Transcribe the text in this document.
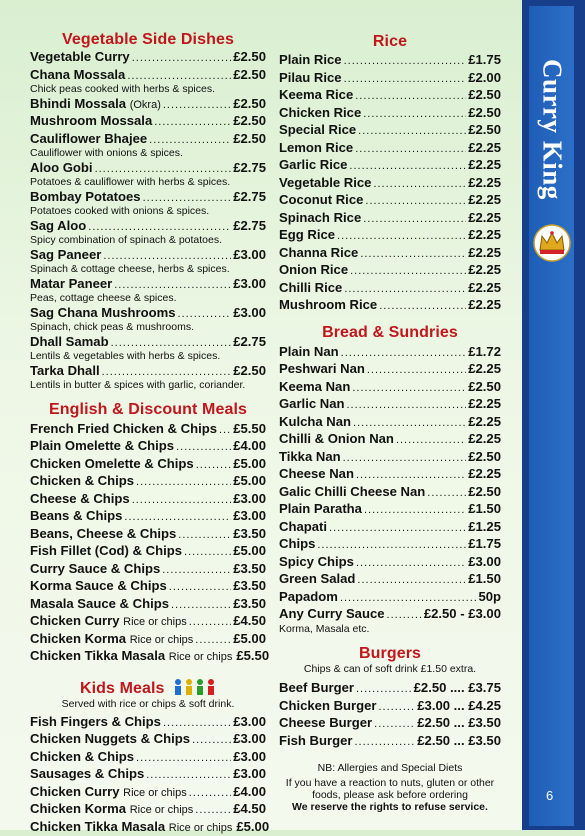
Vegetable Side Dishes
Vegetable Curry .....	£2.50
Chana Mossala .....	£2.50
Chick peas cooked with herbs & spices.
Bhindi Mossala (Okra) .....	£2.50
Mushroom Mossala .....	£2.50
Cauliflower Bhajee .....	£2.50
Cauliflower with onions & spices.
Aloo Gobi .....	£2.75
Potatoes & cauliflower with herbs & spices.
Bombay Potatoes .....	£2.75
Potatoes cooked with onions & spices.
Sag Aloo .....	£2.75
Spicy combination of spinach & potatoes.
Sag Paneer .....	£3.00
Spinach & cottage cheese, herbs & spices.
Matar Paneer .....	£3.00
Peas, cottage cheese & spices.
Sag Chana Mushrooms .....	£3.00
Spinach, chick peas & mushrooms.
Dhall Samab .....	£2.75
Lentils & vegetables with herbs & spices.
Tarka Dhall .....	£2.50
Lentils in butter & spices with garlic, coriander.
English & Discount Meals
French Fried Chicken & Chips ..... £5.50
Plain Omelette & Chips .....	£4.00
Chicken Omelette & Chips .....	£5.00
Chicken & Chips .....	£5.00
Cheese & Chips .....	£3.00
Beans & Chips .....	£3.00
Beans, Cheese & Chips .....	£3.50
Fish Fillet (Cod) & Chips .....	£5.00
Curry Sauce & Chips .....	£3.50
Korma Sauce & Chips .....	£3.50
Masala Sauce & Chips .....	£3.50
Chicken Curry Rice or chips .....	£4.50
Chicken Korma Rice or chips .....	£5.00
Chicken Tikka Masala Rice or chips £5.50
Kids Meals
Served with rice or chips & soft drink.
Fish Fingers & Chips .....	£3.00
Chicken Nuggets & Chips .....	£3.00
Chicken & Chips .....	£3.00
Sausages & Chips .....	£3.00
Chicken Curry Rice or chips .....	£4.00
Chicken Korma Rice or chips .....	£4.50
Chicken Tikka Masala Rice or chips £5.00
Rice
Plain Rice .....	£1.75
Pilau Rice .....	£2.00
Keema Rice .....	£2.50
Chicken Rice .....	£2.50
Special Rice .....	£2.50
Lemon Rice .....	£2.25
Garlic Rice .....	£2.25
Vegetable Rice .....	£2.25
Coconut Rice .....	£2.25
Spinach Rice .....	£2.25
Egg Rice .....	£2.25
Channa Rice .....	£2.25
Onion Rice .....	£2.25
Chilli Rice .....	£2.25
Mushroom Rice .....	£2.25
Bread & Sundries
Plain Nan .....	£1.72
Peshwari Nan .....	£2.25
Keema Nan .....	£2.50
Garlic Nan .....	£2.25
Kulcha Nan .....	£2.25
Chilli & Onion Nan .....	£2.25
Tikka Nan .....	£2.50
Cheese Nan .....	£2.25
Galic Chilli Cheese Nan .....	£2.50
Plain Paratha .....	£1.50
Chapati .....	£1.25
Chips .....	£1.75
Spicy Chips .....	£3.00
Green Salad .....	£1.50
Papadom .....	50p
Any Curry Sauce .....	£2.50 - £3.00
Korma, Masala etc.
Burgers
Chips & can of soft drink £1.50 extra.
Beef Burger .....	£2.50 .... £3.75
Chicken Burger .....	£3.00 ... £4.25
Cheese Burger .....	£2.50 ... £3.50
Fish Burger .....	£2.50 ... £3.50
NB: Allergies and Special Diets
If you have a reaction to nuts, gluten or other
foods, please ask before ordering
We reserve the rights to refuse service.
Curry King
6
